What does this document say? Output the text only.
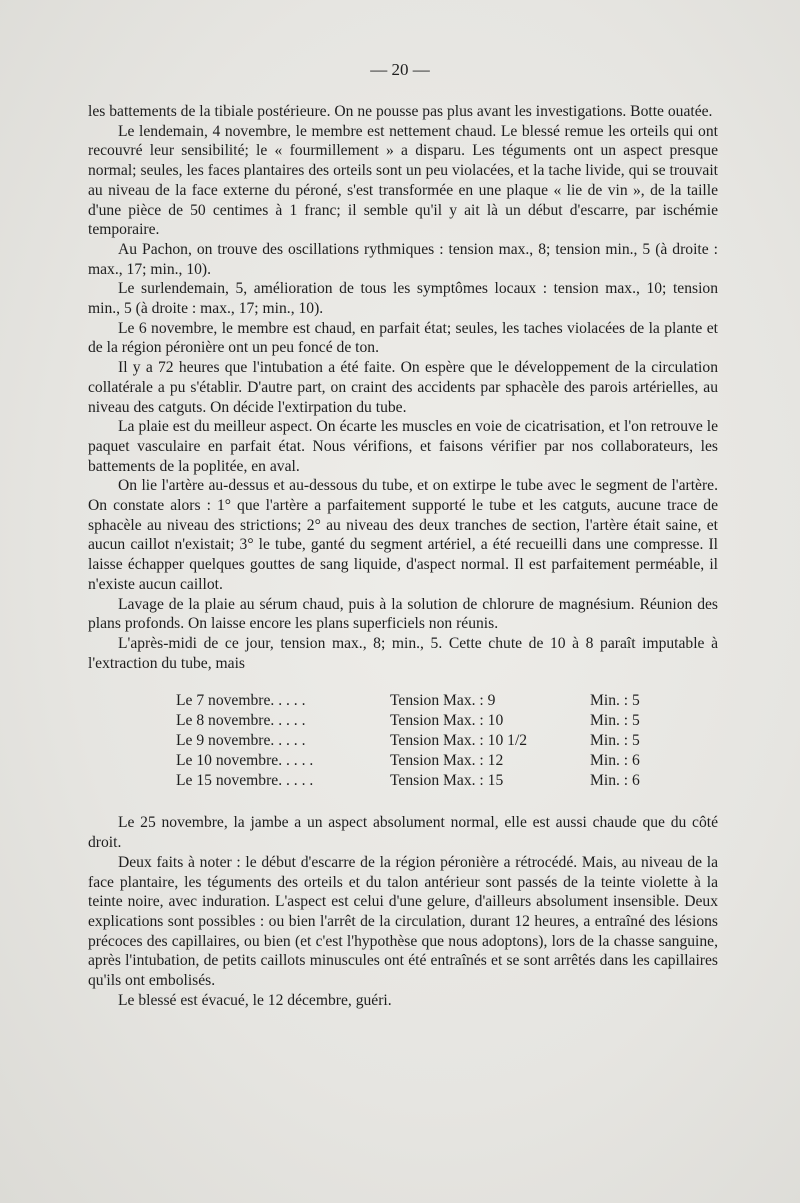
— 20 —

les battements de la tibiale postérieure. On ne pousse pas plus avant les investigations. Botte ouatée.

Le lendemain, 4 novembre, le membre est nettement chaud. Le blessé remue les orteils qui ont recouvré leur sensibilité; le « fourmillement » a disparu. Les téguments ont un aspect presque normal; seules, les faces plantaires des orteils sont un peu violacées, et la tache livide, qui se trouvait au niveau de la face externe du péroné, s'est transformée en une plaque « lie de vin », de la taille d'une pièce de 50 centimes à 1 franc; il semble qu'il y ait là un début d'escarre, par ischémie temporaire.

Au Pachon, on trouve des oscillations rythmiques : tension max., 8; tension min., 5 (à droite : max., 17; min., 10).

Le surlendemain, 5, amélioration de tous les symptômes locaux : tension max., 10; tension min., 5 (à droite : max., 17; min., 10).

Le 6 novembre, le membre est chaud, en parfait état; seules, les taches violacées de la plante et de la région péronière ont un peu foncé de ton.

Il y a 72 heures que l'intubation a été faite. On espère que le développement de la circulation collatérale a pu s'établir. D'autre part, on craint des accidents par sphacèle des parois artérielles, au niveau des catguts. On décide l'extirpation du tube.

La plaie est du meilleur aspect. On écarte les muscles en voie de cicatrisation, et l'on retrouve le paquet vasculaire en parfait état. Nous vérifions, et faisons vérifier par nos collaborateurs, les battements de la poplitée, en aval.

On lie l'artère au-dessus et au-dessous du tube, et on extirpe le tube avec le segment de l'artère. On constate alors : 1° que l'artère a parfaitement supporté le tube et les catguts, aucune trace de sphacèle au niveau des strictions; 2° au niveau des deux tranches de section, l'artère était saine, et aucun caillot n'existait; 3° le tube, ganté du segment artériel, a été recueilli dans une compresse. Il laisse échapper quelques gouttes de sang liquide, d'aspect normal. Il est parfaitement perméable, il n'existe aucun caillot.

Lavage de la plaie au sérum chaud, puis à la solution de chlorure de magnésium. Réunion des plans profonds. On laisse encore les plans superficiels non réunis.

L'après-midi de ce jour, tension max., 8; min., 5. Cette chute de 10 à 8 paraît imputable à l'extraction du tube, mais

Le 7 novembre. . . . .	Tension Max. : 9	Min. : 5
Le 8 novembre. . . . .	Tension Max. : 10	Min. : 5
Le 9 novembre. . . . .	Tension Max. : 10 1/2	Min. : 5
Le 10 novembre. . . . .	Tension Max. : 12	Min. : 6
Le 15 novembre. . . . .	Tension Max. : 15	Min. : 6

Le 25 novembre, la jambe a un aspect absolument normal, elle est aussi chaude que du côté droit.

Deux faits à noter : le début d'escarre de la région péronière a rétrocédé. Mais, au niveau de la face plantaire, les téguments des orteils et du talon antérieur sont passés de la teinte violette à la teinte noire, avec induration. L'aspect est celui d'une gelure, d'ailleurs absolument insensible. Deux explications sont possibles : ou bien l'arrêt de la circulation, durant 12 heures, a entraîné des lésions précoces des capillaires, ou bien (et c'est l'hypothèse que nous adoptons), lors de la chasse sanguine, après l'intubation, de petits caillots minuscules ont été entraînés et se sont arrêtés dans les capillaires qu'ils ont embolisés.

Le blessé est évacué, le 12 décembre, guéri.
